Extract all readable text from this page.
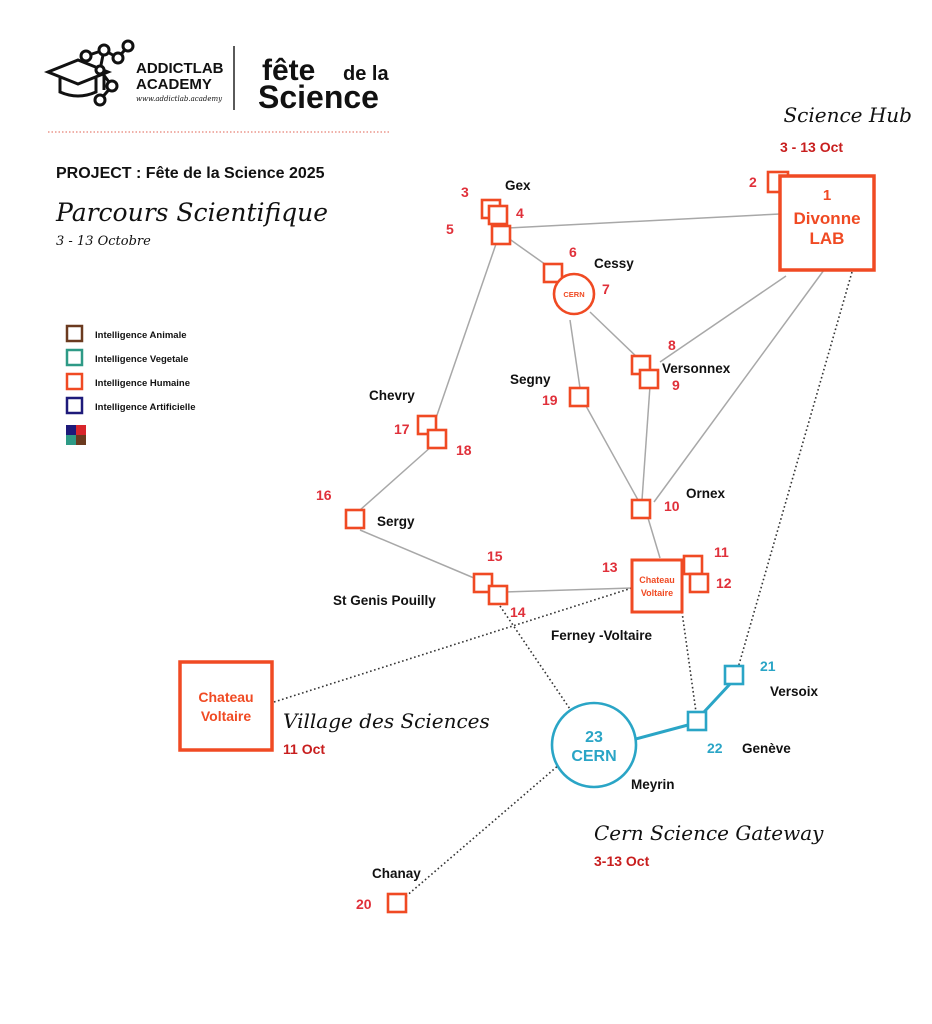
ADDICTLAB
ACADEMY
www.addictlab.academy
fête de la
Science
PROJECT : Fête de la Science 2025
Parcours Scientifique
3 - 13 Octobre
Intelligence Animale
Intelligence Vegetale
Intelligence Humaine
Intelligence Artificielle
CERN
Chateau
Voltaire
1
Divonne
LAB
Chateau
Voltaire
23
CERN
2
3
4
5
6
7
8
9
19
17
18
16
10
11
12
13
15
14
20
21
22
Gex
Cessy
Versonnex
Segny
Chevry
Ornex
Sergy
St Genis Pouilly
Ferney -Voltaire
Versoix
Genève
Meyrin
Chanay
Science Hub
3 - 13 Oct
Village des Sciences
11 Oct
Cern Science Gateway
3-13 Oct
